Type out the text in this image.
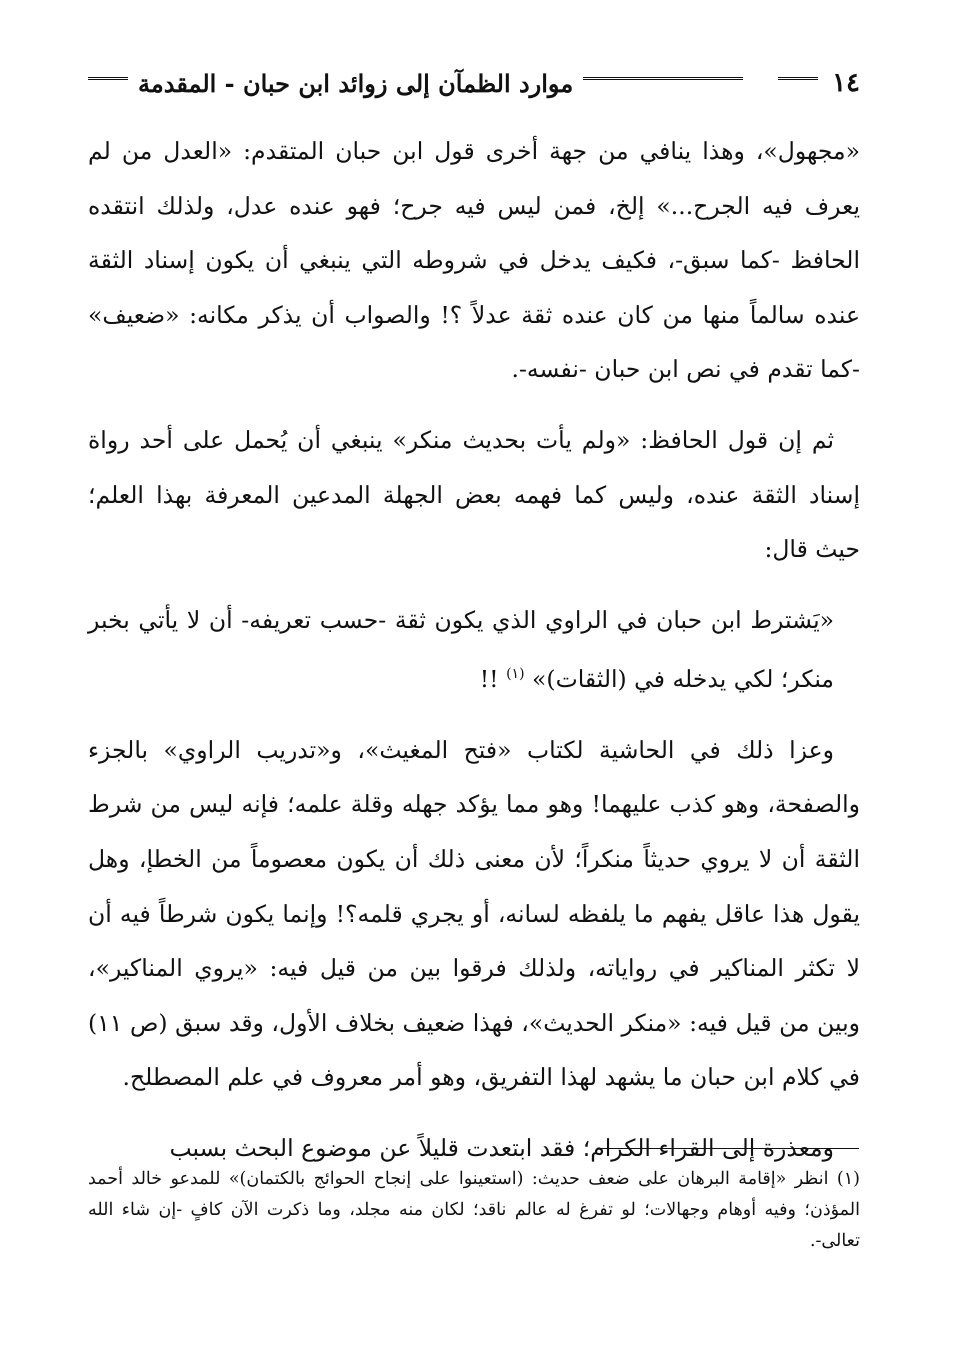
١٤
موارد الظمآن إلى زوائد ابن حبان - المقدمة

«مجهول»، وهذا ينافي من جهة أخرى قول ابن حبان المتقدم: «العدل من لم يعرف فيه الجرح...» إلخ، فمن ليس فيه جرح؛ فهو عنده عدل، ولذلك انتقده الحافظ -كما سبق-، فكيف يدخل في شروطه التي ينبغي أن يكون إسناد الثقة عنده سالماً منها من كان عنده ثقة عدلاً ؟! والصواب أن يذكر مكانه: «ضعيف» -كما تقدم في نص ابن حبان -نفسه-.

ثم إن قول الحافظ: «ولم يأت بحديث منكر» ينبغي أن يُحمل على أحد رواة إسناد الثقة عنده، وليس كما فهمه بعض الجهلة المدعين المعرفة بهذا العلم؛ حيث قال:

«يَشترط ابن حبان في الراوي الذي يكون ثقة -حسب تعريفه- أن لا يأتي بخبر منكر؛ لكي يدخله في (الثقات)» $^{(١)}$ !!

وعزا ذلك في الحاشية لكتاب «فتح المغيث»، و«تدريب الراوي» بالجزء والصفحة، وهو كذب عليهما! وهو مما يؤكد جهله وقلة علمه؛ فإنه ليس من شرط الثقة أن لا يروي حديثاً منكراً؛ لأن معنى ذلك أن يكون معصوماً من الخطإ، وهل يقول هذا عاقل يفهم ما يلفظه لسانه، أو يجري قلمه؟! وإنما يكون شرطاً فيه أن لا تكثر المناكير في رواياته، ولذلك فرقوا بين من قيل فيه: «يروي المناكير»، وبين من قيل فيه: «منكر الحديث»، فهذا ضعيف بخلاف الأول، وقد سبق (ص ١١) في كلام ابن حبان ما يشهد لهذا التفريق، وهو أمر معروف في علم المصطلح.

ومعذرة إلى القراء الكرام؛ فقد ابتعدت قليلاً عن موضوع البحث بسبب

(١) انظر «إقامة البرهان على ضعف حديث: (استعينوا على إنجاح الحوائج بالكتمان)» للمدعو خالد أحمد المؤذن؛ وفيه أوهام وجهالات؛ لو تفرغ له عالم ناقد؛ لكان منه مجلد، وما ذكرت الآن كافٍ -إن شاء الله تعالى-.
